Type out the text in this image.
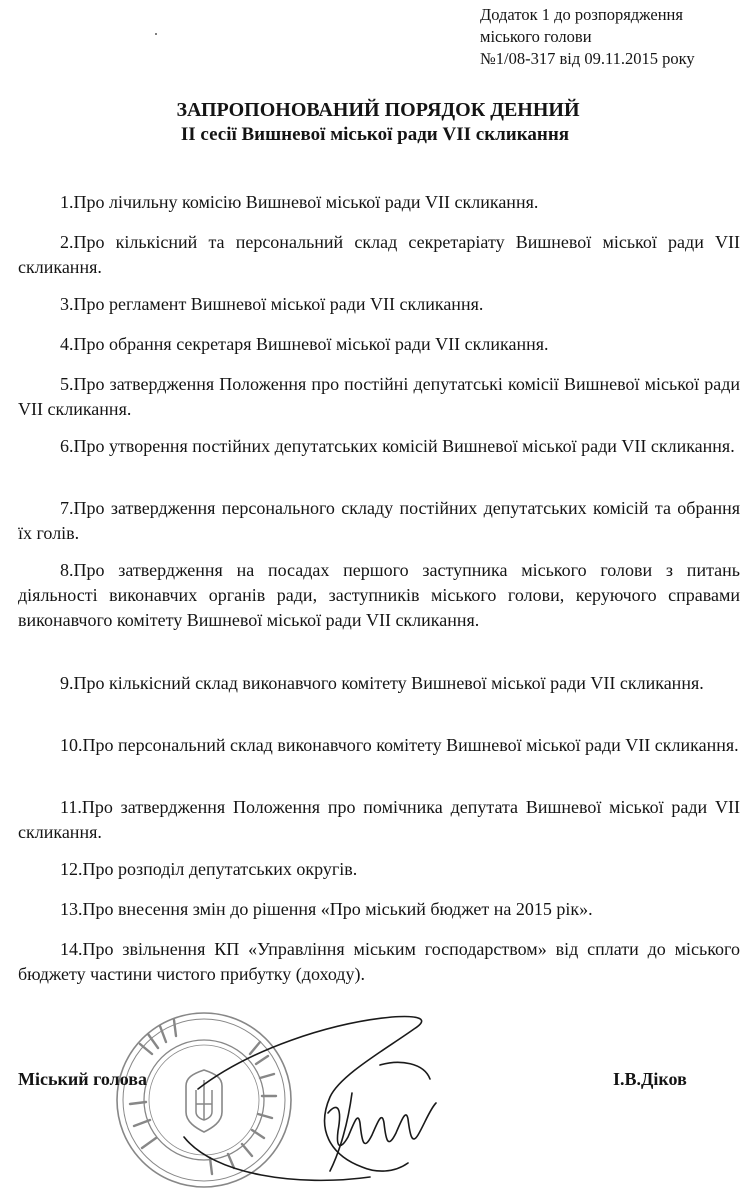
Додаток 1 до розпорядження
міського голови
№1/08-317 від 09.11.2015 року
ЗАПРОПОНОВАНИЙ ПОРЯДОК ДЕННИЙ
II сесії Вишневої міської ради VII скликання
1.Про лічильну комісію Вишневої міської ради VII скликання.
2.Про кількісний та персональний склад секретаріату Вишневої міської ради VII скликання.
3.Про регламент Вишневої міської ради VII скликання.
4.Про обрання секретаря Вишневої міської ради VII скликання.
5.Про затвердження Положення про постійні депутатські комісії Вишневої міської ради VII скликання.
6.Про утворення постійних депутатських комісій Вишневої міської ради VII скликання.
7.Про затвердження персонального складу постійних депутатських комісій та обрання їх голів.
8.Про затвердження на посадах першого заступника міського голови з питань діяльності виконавчих органів ради, заступників міського голови, керуючого справами виконавчого комітету Вишневої міської ради VII скликання.
9.Про кількісний склад виконавчого комітету Вишневої міської ради VII скликання.
10.Про персональний склад виконавчого комітету Вишневої міської ради VII скликання.
11.Про затвердження Положення про помічника депутата Вишневої міської ради VII скликання.
12.Про розподіл депутатських округів.
13.Про внесення змін до рішення «Про міський бюджет на 2015 рік».
14.Про звільнення КП «Управління міським господарством» від сплати до міського бюджету частини чистого прибутку (доходу).
Міський голова	І.В.Діков
